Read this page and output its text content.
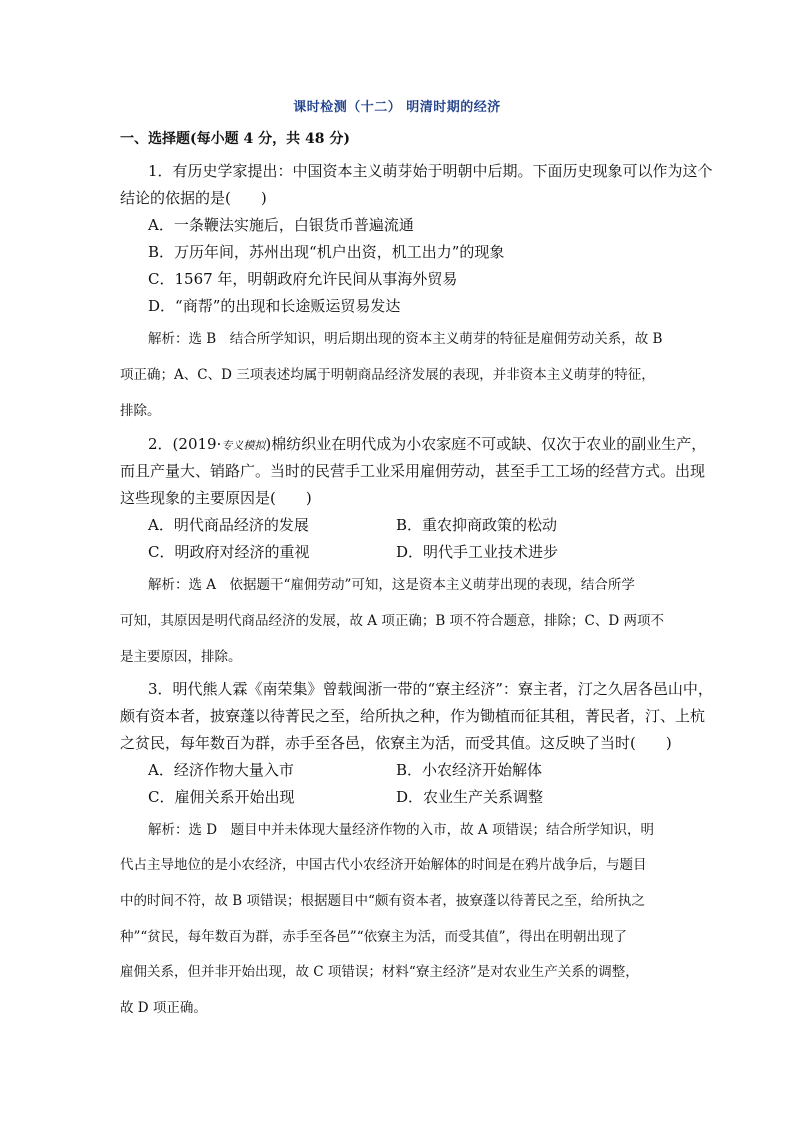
课时检测（十二） 明清时期的经济
一、选择题(每小题 4 分，共 48 分)
1．有历史学家提出：中国资本主义萌芽始于明朝中后期。下面历史现象可以作为这个
结论的依据的是(　　)
A．一条鞭法实施后，白银货币普遍流通
B．万历年间，苏州出现“机户出资，机工出力”的现象
C．1567 年，明朝政府允许民间从事海外贸易
D．“商帮”的出现和长途贩运贸易发达
解析：选 B　结合所学知识，明后期出现的资本主义萌芽的特征是雇佣劳动关系，故 B
项正确；A、C、D 三项表述均属于明朝商品经济发展的表现，并非资本主义萌芽的特征，
排除。
2．(2019·专义模拟)棉纺织业在明代成为小农家庭不可或缺、仅次于农业的副业生产，
而且产量大、销路广。当时的民营手工业采用雇佣劳动，甚至手工工场的经营方式。出现
这些现象的主要原因是(　　)
A．明代商品经济的发展	B．重农抑商政策的松动
C．明政府对经济的重视	D．明代手工业技术进步
解析：选 A　依据题干“雇佣劳动”可知，这是资本主义萌芽出现的表现，结合所学
可知，其原因是明代商品经济的发展，故 A 项正确；B 项不符合题意，排除；C、D 两项不
是主要原因，排除。
3．明代熊人霖《南荣集》曾载闽浙一带的“寮主经济”：寮主者，汀之久居各邑山中，
颇有资本者，披寮蓬以待菁民之至，给所执之种，作为锄植而征其租，菁民者，汀、上杭
之贫民，每年数百为群，赤手至各邑，依寮主为活，而受其值。这反映了当时(　　)
A．经济作物大量入市	B．小农经济开始解体
C．雇佣关系开始出现	D．农业生产关系调整
解析：选 D　题目中并未体现大量经济作物的入市，故 A 项错误；结合所学知识，明
代占主导地位的是小农经济，中国古代小农经济开始解体的时间是在鸦片战争后，与题目
中的时间不符，故 B 项错误；根据题目中“颇有资本者，披寮蓬以待菁民之至，给所执之
种”“贫民，每年数百为群，赤手至各邑”“依寮主为活，而受其值”，得出在明朝出现了
雇佣关系，但并非开始出现，故 C 项错误；材料“寮主经济”是对农业生产关系的调整，
故 D 项正确。
